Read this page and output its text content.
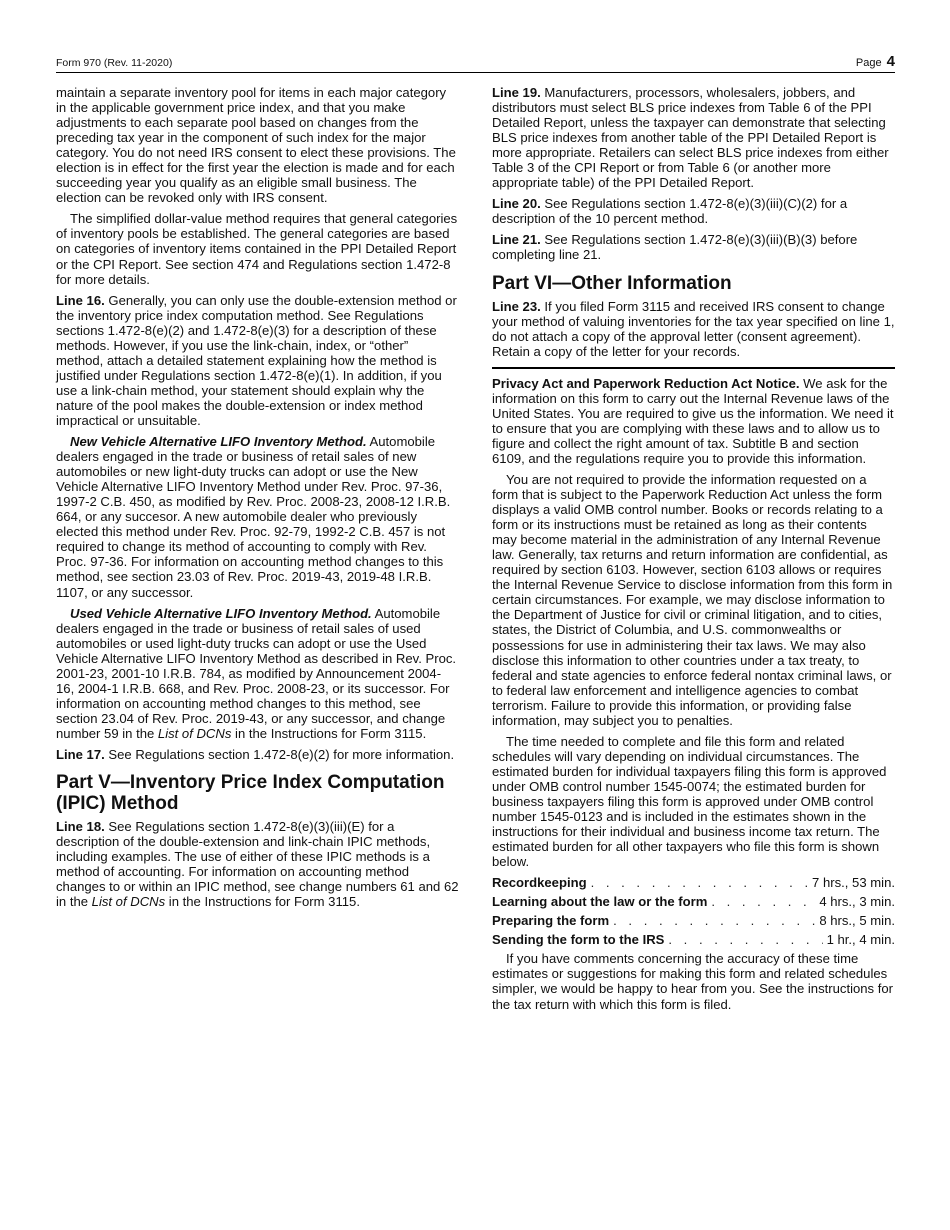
Form 970 (Rev. 11-2020)	Page 4

maintain a separate inventory pool for items in each major category in the applicable government price index, and that you make adjustments to each separate pool based on changes from the preceding tax year in the component of such index for the major category. You do not need IRS consent to elect these provisions. The election is in effect for the first year the election is made and for each succeeding year you qualify as an eligible small business. The election can be revoked only with IRS consent.

The simplified dollar-value method requires that general categories of inventory pools be established. The general categories are based on categories of inventory items contained in the PPI Detailed Report or the CPI Report. See section 474 and Regulations section 1.472-8 for more details.

Line 16. Generally, you can only use the double-extension method or the inventory price index computation method. See Regulations sections 1.472-8(e)(2) and 1.472-8(e)(3) for a description of these methods. However, if you use the link-chain, index, or “other” method, attach a detailed statement explaining how the method is justified under Regulations section 1.472-8(e)(1). In addition, if you use a link-chain method, your statement should explain why the nature of the pool makes the double-extension or index method impractical or unsuitable.

New Vehicle Alternative LIFO Inventory Method. Automobile dealers engaged in the trade or business of retail sales of new automobiles or new light-duty trucks can adopt or use the New Vehicle Alternative LIFO Inventory Method under Rev. Proc. 97-36, 1997-2 C.B. 450, as modified by Rev. Proc. 2008-23, 2008-12 I.R.B. 664, or any succesor. A new automobile dealer who previously elected this method under Rev. Proc. 92-79, 1992-2 C.B. 457 is not required to change its method of accounting to comply with Rev. Proc. 97-36. For information on accounting method changes to this method, see section 23.03 of Rev. Proc. 2019-43, 2019-48 I.R.B. 1107, or any successor.

Used Vehicle Alternative LIFO Inventory Method. Automobile dealers engaged in the trade or business of retail sales of used automobiles or used light-duty trucks can adopt or use the Used Vehicle Alternative LIFO Inventory Method as described in Rev. Proc. 2001-23, 2001-10 I.R.B. 784, as modified by Announcement 2004-16, 2004-1 I.R.B. 668, and Rev. Proc. 2008-23, or its successor. For information on accounting method changes to this method, see section 23.04 of Rev. Proc. 2019-43, or any successor, and change number 59 in the List of DCNs in the Instructions for Form 3115.

Line 17. See Regulations section 1.472-8(e)(2) for more information.

Part V—Inventory Price Index Computation (IPIC) Method

Line 18. See Regulations section 1.472-8(e)(3)(iii)(E) for a description of the double-extension and link-chain IPIC methods, including examples. The use of either of these IPIC methods is a method of accounting. For information on accounting method changes to or within an IPIC method, see change numbers 61 and 62 in the List of DCNs in the Instructions for Form 3115.

Line 19. Manufacturers, processors, wholesalers, jobbers, and distributors must select BLS price indexes from Table 6 of the PPI Detailed Report, unless the taxpayer can demonstrate that selecting BLS price indexes from another table of the PPI Detailed Report is more appropriate. Retailers can select BLS price indexes from either Table 3 of the CPI Report or from Table 6 (or another more appropriate table) of the PPI Detailed Report.

Line 20. See Regulations section 1.472-8(e)(3)(iii)(C)(2) for a description of the 10 percent method.

Line 21. See Regulations section 1.472-8(e)(3)(iii)(B)(3) before completing line 21.

Part VI—Other Information

Line 23. If you filed Form 3115 and received IRS consent to change your method of valuing inventories for the tax year specified on line 1, do not attach a copy of the approval letter (consent agreement). Retain a copy of the letter for your records.

Privacy Act and Paperwork Reduction Act Notice. We ask for the information on this form to carry out the Internal Revenue laws of the United States. You are required to give us the information. We need it to ensure that you are complying with these laws and to allow us to figure and collect the right amount of tax. Subtitle B and section 6109, and the regulations require you to provide this information.

You are not required to provide the information requested on a form that is subject to the Paperwork Reduction Act unless the form displays a valid OMB control number. Books or records relating to a form or its instructions must be retained as long as their contents may become material in the administration of any Internal Revenue law. Generally, tax returns and return information are confidential, as required by section 6103. However, section 6103 allows or requires the Internal Revenue Service to disclose information from this form in certain circumstances. For example, we may disclose information to the Department of Justice for civil or criminal litigation, and to cities, states, the District of Columbia, and U.S. commonwealths or possessions for use in administering their tax laws. We may also disclose this information to other countries under a tax treaty, to federal and state agencies to enforce federal nontax criminal laws, or to federal law enforcement and intelligence agencies to combat terrorism. Failure to provide this information, or providing false information, may subject you to penalties.

The time needed to complete and file this form and related schedules will vary depending on individual circumstances. The estimated burden for individual taxpayers filing this form is approved under OMB control number 1545-0074; the estimated burden for business taxpayers filing this form is approved under OMB control number 1545-0123 and is included in the estimates shown in the instructions for their individual and business income tax return. The estimated burden for all other taxpayers who file this form is shown below.

Recordkeeping . . .	7 hrs., 53 min.
Learning about the law or the form . . .	4 hrs., 3 min.
Preparing the form . . .	8 hrs., 5 min.
Sending the form to the IRS . . .	1 hr., 4 min.

If you have comments concerning the accuracy of these time estimates or suggestions for making this form and related schedules simpler, we would be happy to hear from you. See the instructions for the tax return with which this form is filed.
